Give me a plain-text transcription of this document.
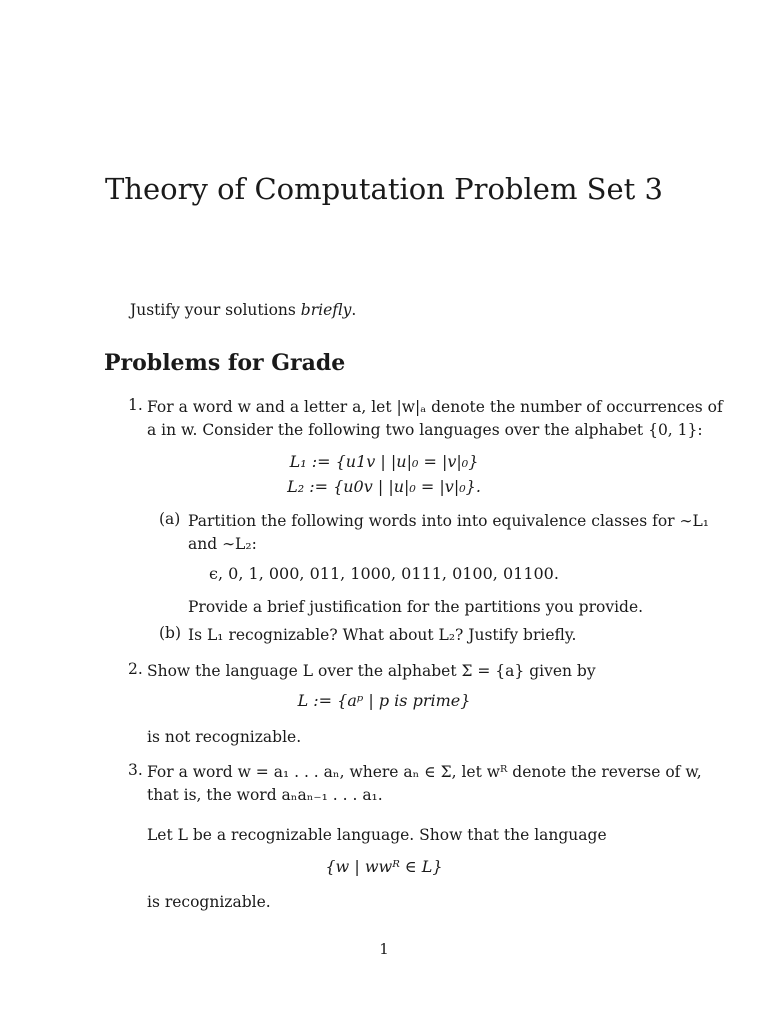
Theory of Computation Problem Set 3
Justify your solutions briefly.
Problems for Grade
1. For a word w and a letter a, let |w|ₐ denote the number of occurrences of
a in w. Consider the following two languages over the alphabet {0, 1}:
L₁ := {u1v | |u|₀ = |v|₀}
L₂ := {u0v | |u|₀ = |v|₀}.
(a) Partition the following words into into equivalence classes for ∼L₁
and ∼L₂:
ϵ, 0, 1, 000, 011, 1000, 0111, 0100, 01100.
Provide a brief justification for the partitions you provide.
(b) Is L₁ recognizable? What about L₂? Justify briefly.
2. Show the language L over the alphabet Σ = {a} given by
L := {aᵖ | p is prime}
is not recognizable.
3. For a word w = a₁ . . . aₙ, where aₙ ∈ Σ, let wᴿ denote the reverse of w,
that is, the word aₙaₙ₋₁ . . . a₁.
Let L be a recognizable language. Show that the language
{w | wwᴿ ∈ L}
is recognizable.
1
